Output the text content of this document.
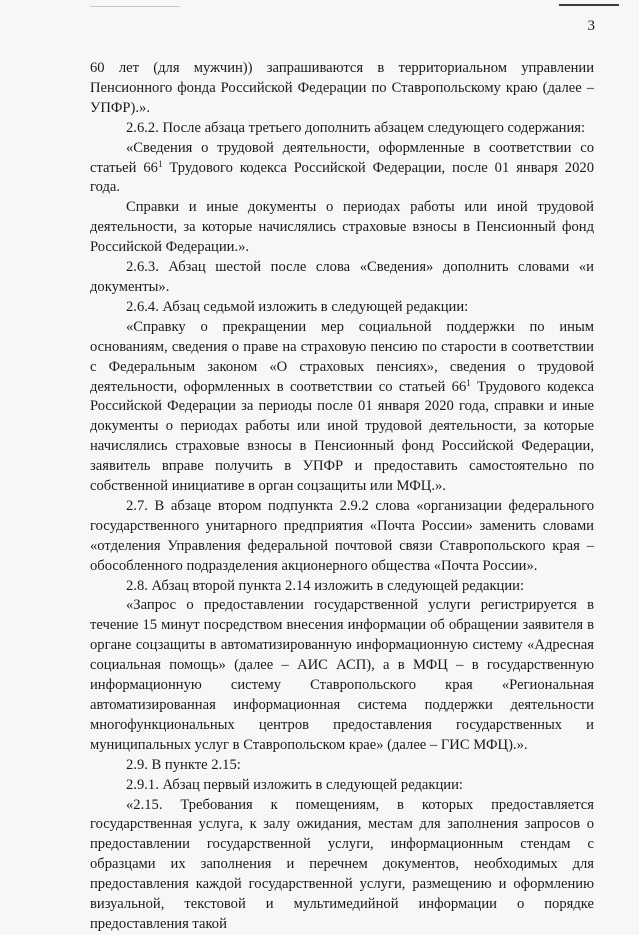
3

60 лет (для мужчин)) запрашиваются в территориальном управлении Пенсионного фонда Российской Федерации по Ставропольскому краю (далее – УПФР).».

2.6.2. После абзаца третьего дополнить абзацем следующего содержания:

«Сведения о трудовой деятельности, оформленные в соответствии со статьей $66^1$ Трудового кодекса Российской Федерации, после 01 января 2020 года.

Справки и иные документы о периодах работы или иной трудовой деятельности, за которые начислялись страховые взносы в Пенсионный фонд Российской Федерации.».

2.6.3. Абзац шестой после слова «Сведения» дополнить словами «и документы».

2.6.4. Абзац седьмой изложить в следующей редакции:

«Справку о прекращении мер социальной поддержки по иным основаниям, сведения о праве на страховую пенсию по старости в соответствии с Федеральным законом «О страховых пенсиях», сведения о трудовой деятельности, оформленных в соответствии со статьей $66^1$ Трудового кодекса Российской Федерации за периоды после 01 января 2020 года, справки и иные документы о периодах работы или иной трудовой деятельности, за которые начислялись страховые взносы в Пенсионный фонд Российской Федерации, заявитель вправе получить в УПФР и предоставить самостоятельно по собственной инициативе в орган соцзащиты или МФЦ.».

2.7. В абзаце втором подпункта 2.9.2 слова «организации федерального государственного унитарного предприятия «Почта России» заменить словами «отделения Управления федеральной почтовой связи Ставропольского края – обособленного подразделения акционерного общества «Почта России».

2.8. Абзац второй пункта 2.14 изложить в следующей редакции:

«Запрос о предоставлении государственной услуги регистрируется в течение 15 минут посредством внесения информации об обращении заявителя в органе соцзащиты в автоматизированную информационную систему «Адресная социальная помощь» (далее – АИС АСП), а в МФЦ – в государственную информационную систему Ставропольского края «Региональная автоматизированная информационная система поддержки деятельности многофункциональных центров предоставления государственных и муниципальных услуг в Ставропольском крае» (далее – ГИС МФЦ).».

2.9. В пункте 2.15:

2.9.1. Абзац первый изложить в следующей редакции:

«2.15. Требования к помещениям, в которых предоставляется государственная услуга, к залу ожидания, местам для заполнения запросов о предоставлении государственной услуги, информационным стендам с образцами их заполнения и перечнем документов, необходимых для предоставления каждой государственной услуги, размещению и оформлению визуальной, текстовой и мультимедийной информации о порядке предоставления такой
